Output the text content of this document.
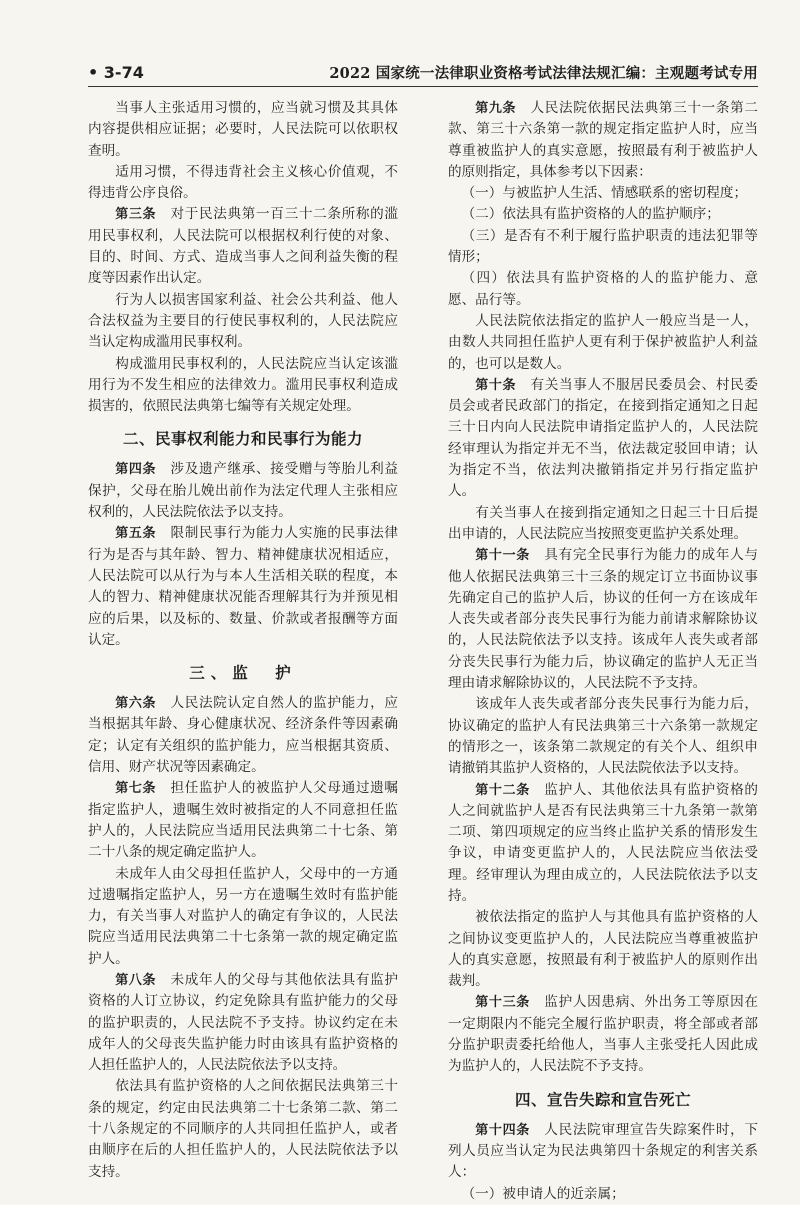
• 3-74	2022 国家统一法律职业资格考试法律法规汇编：主观题考试专用

当事人主张适用习惯的，应当就习惯及其具体内容提供相应证据；必要时，人民法院可以依职权查明。

适用习惯，不得违背社会主义核心价值观，不得违背公序良俗。

第三条　 对于民法典第一百三十二条所称的滥用民事权利，人民法院可以根据权利行使的对象、目的、时间、方式、造成当事人之间利益失衡的程度等因素作出认定。

行为人以损害国家利益、社会公共利益、他人合法权益为主要目的行使民事权利的，人民法院应当认定构成滥用民事权利。

构成滥用民事权利的，人民法院应当认定该滥用行为不发生相应的法律效力。滥用民事权利造成损害的，依照民法典第七编等有关规定处理。

二、民事权利能力和民事行为能力

第四条　 涉及遗产继承、接受赠与等胎儿利益保护，父母在胎儿娩出前作为法定代理人主张相应权利的，人民法院依法予以支持。

第五条　 限制民事行为能力人实施的民事法律行为是否与其年龄、智力、精神健康状况相适应，人民法院可以从行为与本人生活相关联的程度，本人的智力、精神健康状况能否理解其行为并预见相应的后果，以及标的、数量、价款或者报酬等方面认定。

三、监　护

第六条　 人民法院认定自然人的监护能力，应当根据其年龄、身心健康状况、经济条件等因素确定；认定有关组织的监护能力，应当根据其资质、信用、财产状况等因素确定。

第七条　 担任监护人的被监护人父母通过遗嘱指定监护人，遗嘱生效时被指定的人不同意担任监护人的，人民法院应当适用民法典第二十七条、第二十八条的规定确定监护人。

未成年人由父母担任监护人，父母中的一方通过遗嘱指定监护人，另一方在遗嘱生效时有监护能力，有关当事人对监护人的确定有争议的，人民法院应当适用民法典第二十七条第一款的规定确定监护人。

第八条　 未成年人的父母与其他依法具有监护资格的人订立协议，约定免除具有监护能力的父母的监护职责的，人民法院不予支持。协议约定在未成年人的父母丧失监护能力时由该具有监护资格的人担任监护人的，人民法院依法予以支持。

依法具有监护资格的人之间依据民法典第三十条的规定，约定由民法典第二十七条第二款、第二十八条规定的不同顺序的人共同担任监护人，或者由顺序在后的人担任监护人的，人民法院依法予以支持。

第九条　 人民法院依据民法典第三十一条第二款、第三十六条第一款的规定指定监护人时，应当尊重被监护人的真实意愿，按照最有利于被监护人的原则指定，具体参考以下因素：

（一）与被监护人生活、情感联系的密切程度；

（二）依法具有监护资格的人的监护顺序；

（三）是否有不利于履行监护职责的违法犯罪等情形；

（四）依法具有监护资格的人的监护能力、意愿、品行等。

人民法院依法指定的监护人一般应当是一人，由数人共同担任监护人更有利于保护被监护人利益的，也可以是数人。

第十条　 有关当事人不服居民委员会、村民委员会或者民政部门的指定，在接到指定通知之日起三十日内向人民法院申请指定监护人的，人民法院经审理认为指定并无不当，依法裁定驳回申请；认为指定不当，依法判决撤销指定并另行指定监护人。

有关当事人在接到指定通知之日起三十日后提出申请的，人民法院应当按照变更监护关系处理。

第十一条　 具有完全民事行为能力的成年人与他人依据民法典第三十三条的规定订立书面协议事先确定自己的监护人后，协议的任何一方在该成年人丧失或者部分丧失民事行为能力前请求解除协议的，人民法院依法予以支持。该成年人丧失或者部分丧失民事行为能力后，协议确定的监护人无正当理由请求解除协议的，人民法院不予支持。

该成年人丧失或者部分丧失民事行为能力后，协议确定的监护人有民法典第三十六条第一款规定的情形之一，该条第二款规定的有关个人、组织申请撤销其监护人资格的，人民法院依法予以支持。

第十二条　 监护人、其他依法具有监护资格的人之间就监护人是否有民法典第三十九条第一款第二项、第四项规定的应当终止监护关系的情形发生争议，申请变更监护人的，人民法院应当依法受理。经审理认为理由成立的，人民法院依法予以支持。

被依法指定的监护人与其他具有监护资格的人之间协议变更监护人的，人民法院应当尊重被监护人的真实意愿，按照最有利于被监护人的原则作出裁判。

第十三条　 监护人因患病、外出务工等原因在一定期限内不能完全履行监护职责，将全部或者部分监护职责委托给他人，当事人主张受托人因此成为监护人的，人民法院不予支持。

四、宣告失踪和宣告死亡

第十四条　 人民法院审理宣告失踪案件时，下列人员应当认定为民法典第四十条规定的利害关系人：

（一）被申请人的近亲属；
